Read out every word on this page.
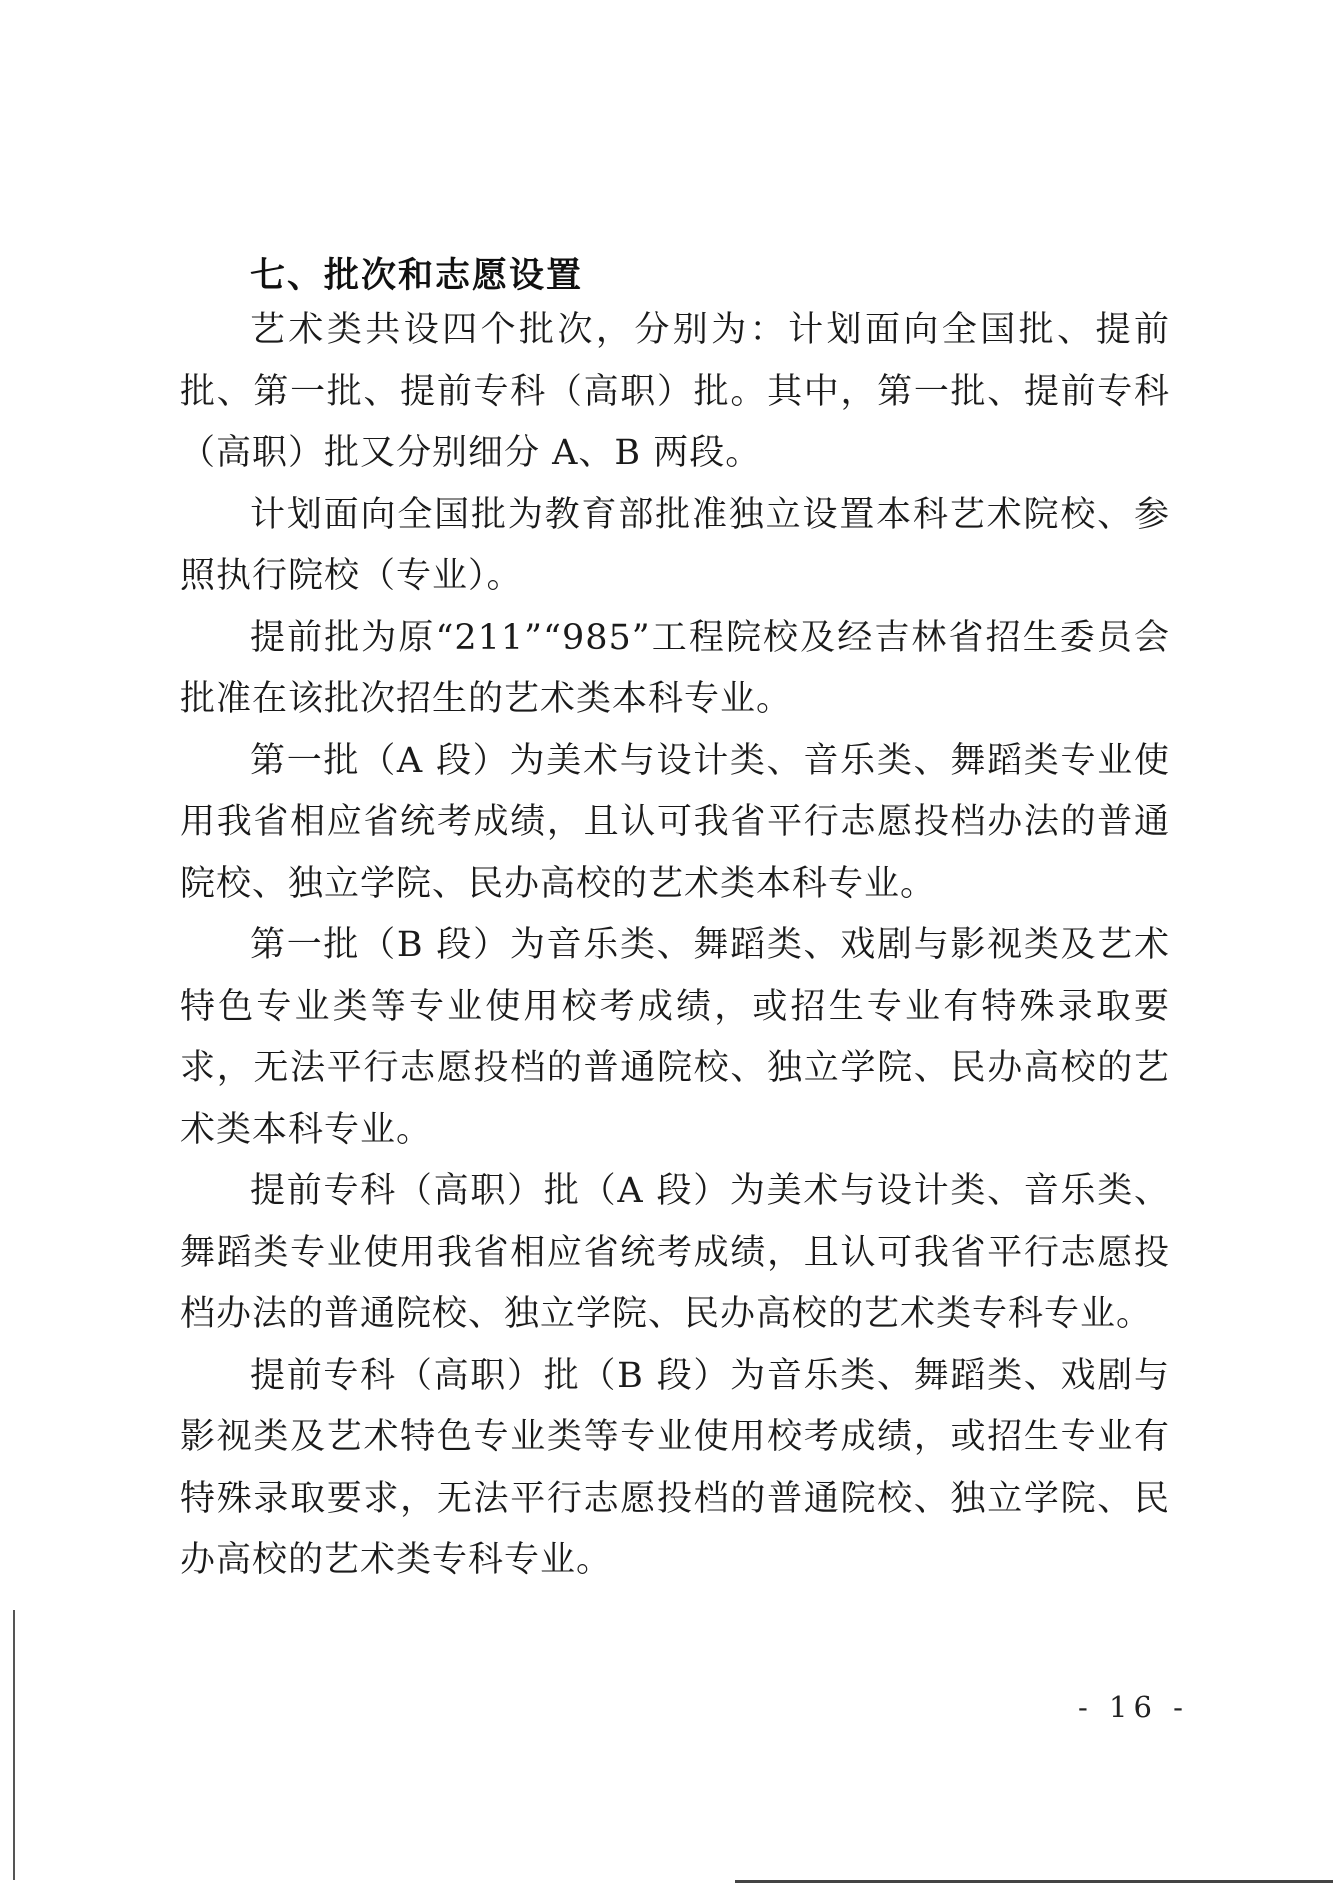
七、批次和志愿设置

艺术类共设四个批次，分别为：计划面向全国批、提前批、第一批、提前专科（高职）批。其中，第一批、提前专科（高职）批又分别细分 A、B 两段。

计划面向全国批为教育部批准独立设置本科艺术院校、参照执行院校（专业）。

提前批为原“211”“985”工程院校及经吉林省招生委员会批准在该批次招生的艺术类本科专业。

第一批（A 段）为美术与设计类、音乐类、舞蹈类专业使用我省相应省统考成绩，且认可我省平行志愿投档办法的普通院校、独立学院、民办高校的艺术类本科专业。

第一批（B 段）为音乐类、舞蹈类、戏剧与影视类及艺术特色专业类等专业使用校考成绩，或招生专业有特殊录取要求，无法平行志愿投档的普通院校、独立学院、民办高校的艺术类本科专业。

提前专科（高职）批（A 段）为美术与设计类、音乐类、舞蹈类专业使用我省相应省统考成绩，且认可我省平行志愿投档办法的普通院校、独立学院、民办高校的艺术类专科专业。

提前专科（高职）批（B 段）为音乐类、舞蹈类、戏剧与影视类及艺术特色专业类等专业使用校考成绩，或招生专业有特殊录取要求，无法平行志愿投档的普通院校、独立学院、民办高校的艺术类专科专业。

- 16 -
